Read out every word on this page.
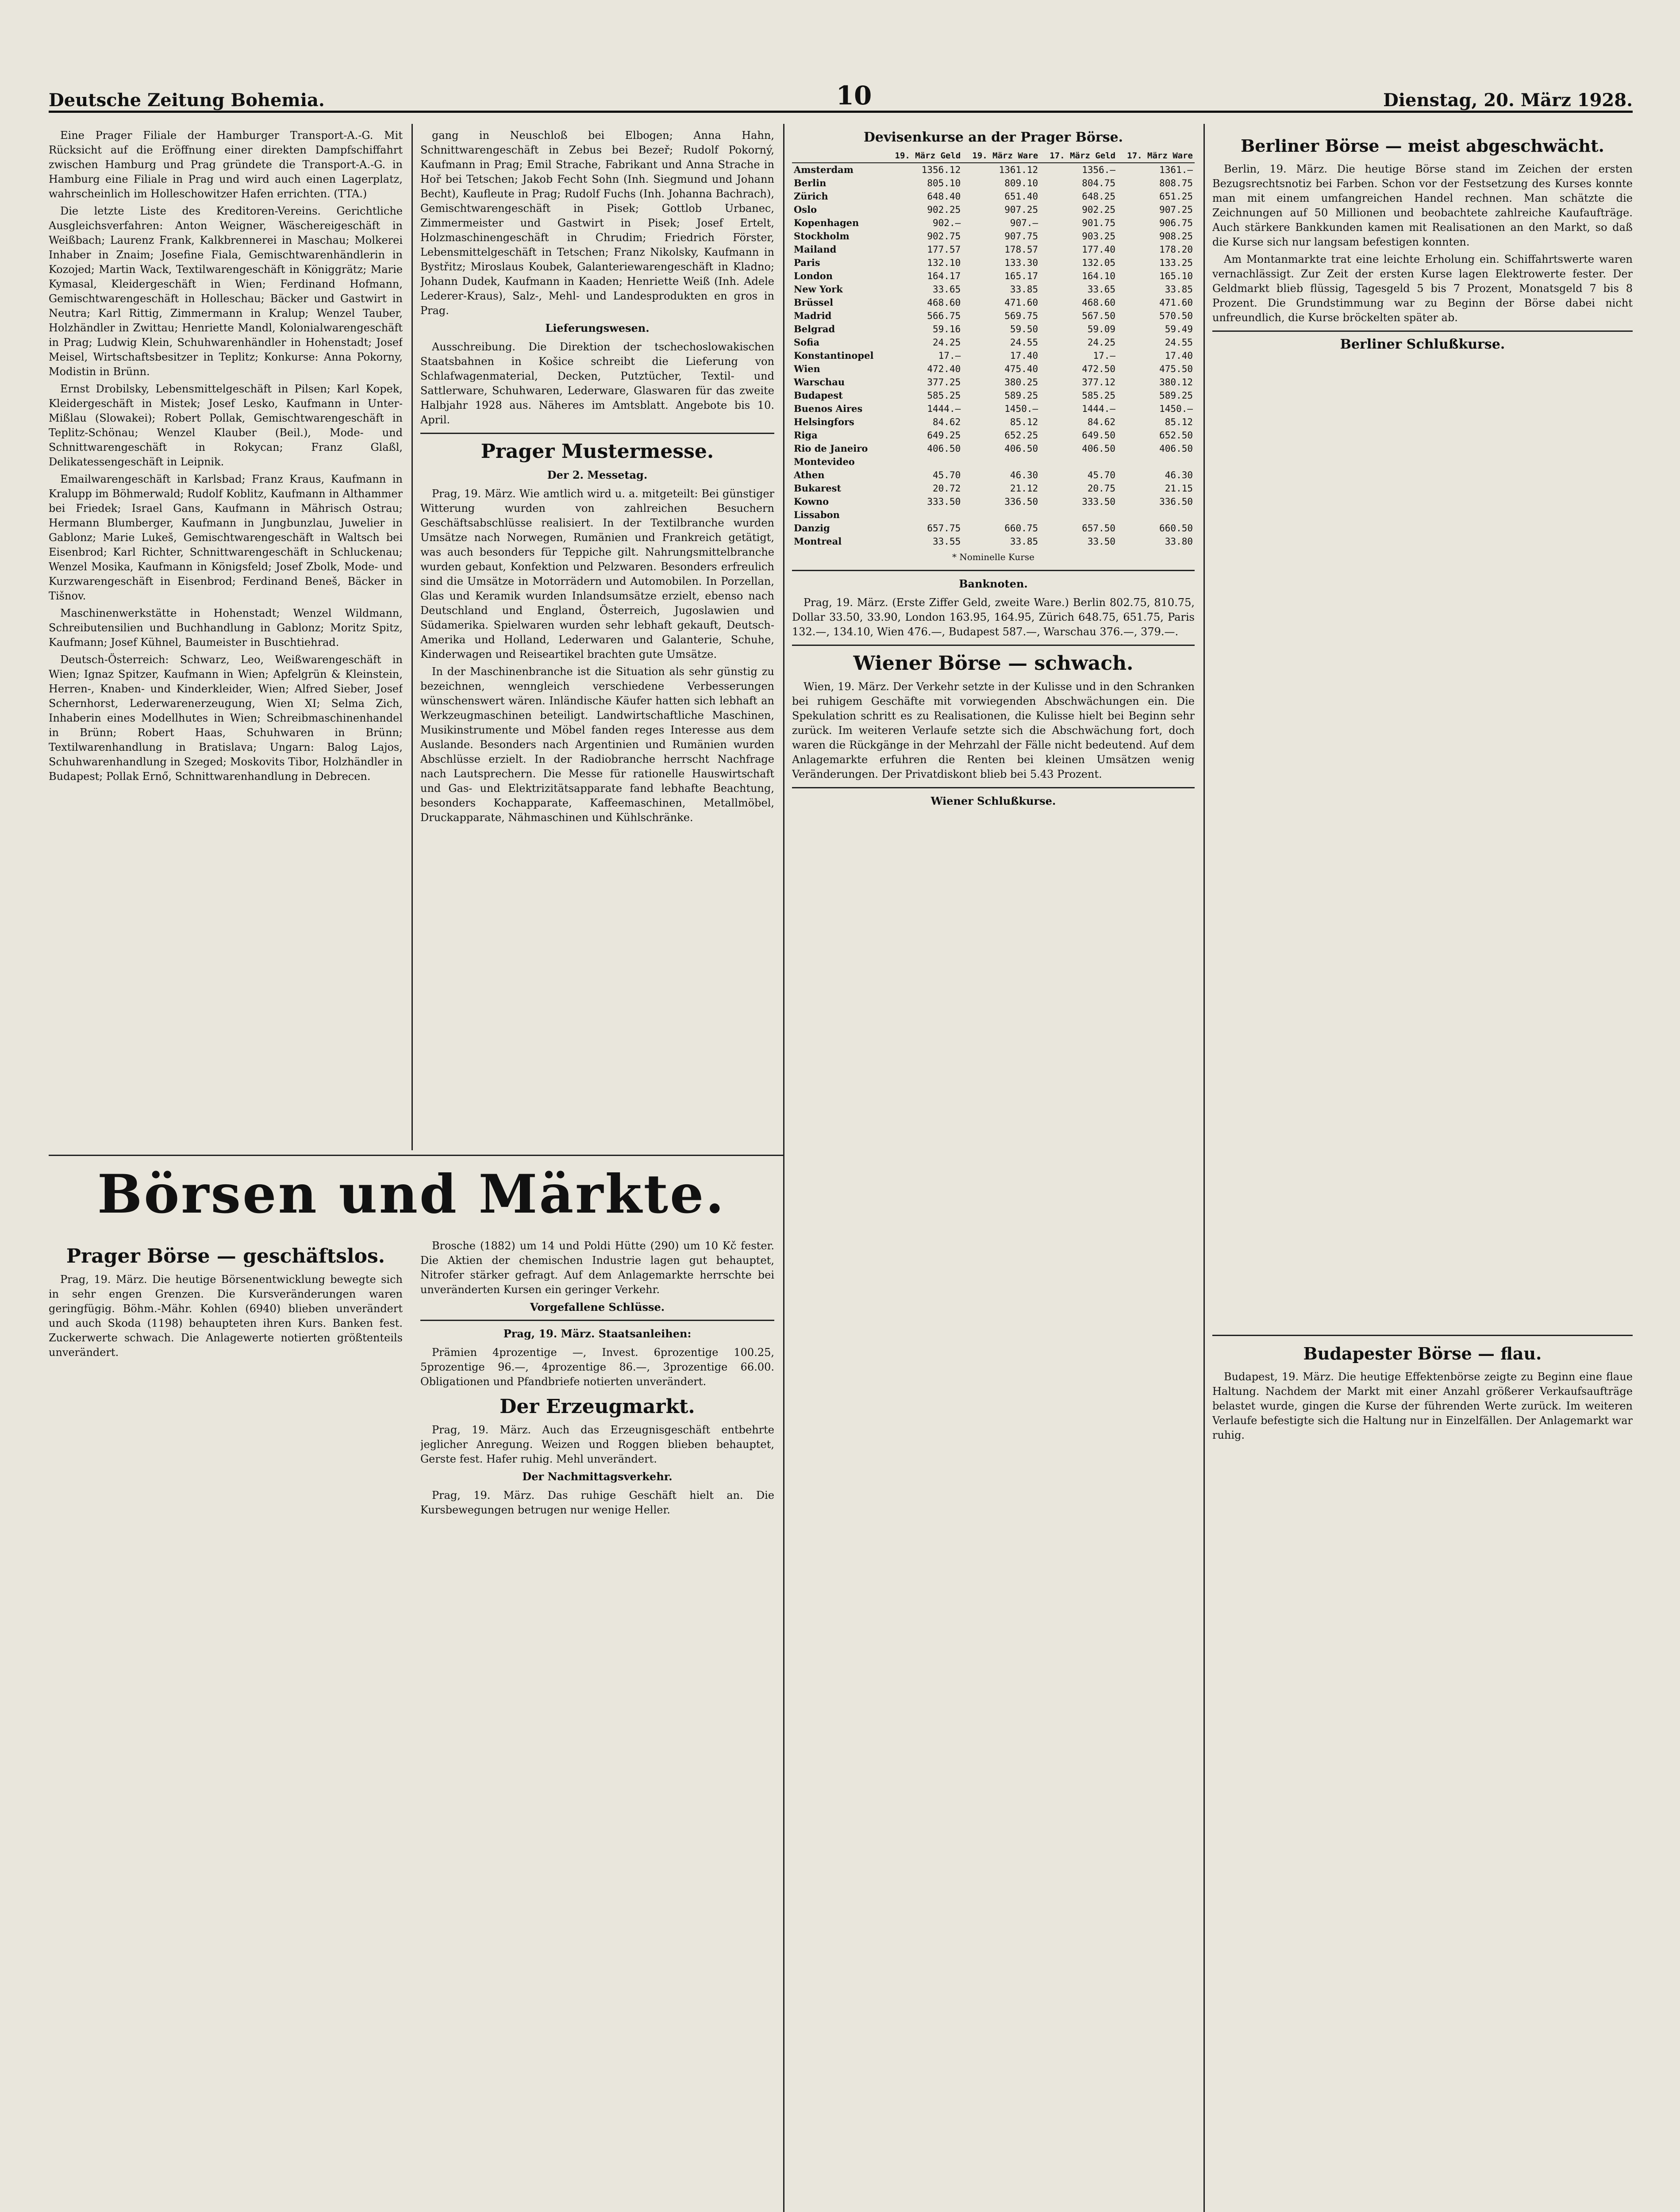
Deutsche Zeitung Bohemia.	10	Dienstag, 20. März 1928.

Eine Prager Filiale der Hamburger Transport-A.-G. Mit Rücksicht auf die Eröffnung einer direkten Dampfschiffahrt zwischen Hamburg und Prag gründete die Transport-A.-G. in Hamburg eine Filiale in Prag und wird auch einen Lagerplatz, wahrscheinlich im Holleschowitzer Hafen errichten. (TTA.)

Die letzte Liste des Kreditoren-Vereins. Gerichtliche Ausgleichsverfahren: Anton Weigner, Wäschereigeschäft in Weißbach; Laurenz Frank, Kalkbrennerei in Maschau; Molkerei Inhaber in Znaim; Josefine Fiala, Gemischtwarenhändlerin in Kozojed; Martin Wack, Textilwarengeschäft in Königgrätz; Marie Kymasal, Kleidergeschäft in Wien; Ferdinand Hofmann, Gemischtwarengeschäft in Holleschau; Bäcker und Gastwirt in Neutra; Karl Rittig, Zimmermann in Kralup; Wenzel Tauber, Holzhändler in Zwittau; Henriette Mandl, Kolonialwarengeschäft in Prag; Ludwig Klein, Schuhwarenhändler in Hohenstadt; Josef Meisel, Wirtschaftsbesitzer in Teplitz; Konkurse: Anna Pokorny, Modistin in Brünn.

Ernst Drobilsky, Lebensmittelgeschäft in Pilsen; Karl Kopek, Kleidergeschäft in Mistek; Josef Lesko, Kaufmann in Unter-Mißlau (Slowakei); Robert Pollak, Gemischtwarengeschäft in Teplitz-Schönau; Wenzel Klauber (Beil.), Mode- und Schnittwarengeschäft in Rokycan; Franz Glaßl, Delikatessengeschäft in Leipnik.

Emailwarengeschäft in Karlsbad; Franz Kraus, Kaufmann in Kralupp im Böhmerwald; Rudolf Koblitz, Kaufmann in Althammer bei Friedek; Israel Gans, Kaufmann in Mährisch Ostrau; Hermann Blumberger, Kaufmann in Jungbunzlau, Juwelier in Gablonz; Marie Lukeš, Gemischtwarengeschäft in Waltsch bei Eisenbrod; Karl Richter, Schnittwarengeschäft in Schluckenau; Wenzel Mosika, Kaufmann in Königsfeld; Josef Zbolk, Mode- und Kurzwarengeschäft in Eisenbrod; Ferdinand Beneš, Bäcker in Tišnov.

Maschinenwerkstätte in Hohenstadt; Wenzel Wildmann, Schreibutensilien und Buchhandlung in Gablonz; Moritz Spitz, Kaufmann; Josef Kühnel, Baumeister in Buschtiehrad.

Deutsch-Österreich: Schwarz, Leo, Weißwarengeschäft in Wien; Ignaz Spitzer, Kaufmann in Wien; Apfelgrün & Kleinstein, Herren-, Knaben- und Kinderkleider, Wien; Alfred Sieber, Josef Schernhorst, Lederwarenerzeugung, Wien XI; Selma Zich, Inhaberin eines Modellhutes in Wien; Schreibmaschinenhandel in Brünn; Robert Haas, Schuhwaren in Brünn; Textilwarenhandlung in Bratislava; Ungarn: Balog Lajos, Schuhwarenhandlung in Szeged; Moskovits Tibor, Holzhändler in Budapest; Pollak Ernő, Schnittwarenhandlung in Debrecen.

gang in Neuschloß bei Elbogen; Anna Hahn, Schnittwarengeschäft in Zebus bei Bezeř; Rudolf Pokorný, Kaufmann in Prag; Emil Strache, Fabrikant und Anna Strache in Hoř bei Tetschen; Jakob Fecht Sohn (Inh. Siegmund und Johann Becht), Kaufleute in Prag; Rudolf Fuchs (Inh. Johanna Bachrach), Gemischtwarengeschäft in Pisek; Gottlob Urbanec, Zimmermeister und Gastwirt in Pisek; Josef Ertelt, Holzmaschinengeschäft in Chrudim; Friedrich Förster, Lebensmittelgeschäft in Tetschen; Franz Nikolsky, Kaufmann in Bystřitz; Miroslaus Koubek, Galanteriewarengeschäft in Kladno; Johann Dudek, Kaufmann in Kaaden; Henriette Weiß (Inh. Adele Lederer-Kraus), Salz-, Mehl- und Landesprodukten en gros in Prag.

Lieferungswesen.

Ausschreibung. Die Direktion der tschechoslowakischen Staatsbahnen in Košice schreibt die Lieferung von Schlafwagenmaterial, Decken, Putztücher, Textil- und Sattlerware, Schuhwaren, Lederware, Glaswaren für das zweite Halbjahr 1928 aus. Näheres im Amtsblatt. Angebote bis 10. April.

Prager Mustermesse.
Der 2. Messetag.

Prag, 19. März. Wie amtlich wird u. a. mitgeteilt: Bei günstiger Witterung wurden von zahlreichen Besuchern Geschäftsabschlüsse realisiert. In der Textilbranche wurden Umsätze nach Norwegen, Rumänien und Frankreich getätigt, was auch besonders für Teppiche gilt. Nahrungsmittelbranche wurden gebaut, Konfektion und Pelzwaren. Besonders erfreulich sind die Umsätze in Motorrädern und Automobilen. In Porzellan, Glas und Keramik wurden Inlandsumsätze erzielt, ebenso nach Deutschland und England, Österreich, Jugoslawien und Südamerika. Spielwaren wurden sehr lebhaft gekauft, Deutsch-Amerika und Holland, Lederwaren und Galanterie, Schuhe, Kinderwagen und Reiseartikel brachten gute Umsätze.

In der Maschinenbranche ist die Situation als sehr günstig zu bezeichnen, wenngleich verschiedene Verbesserungen wünschenswert wären. Inländische Käufer hatten sich lebhaft an Werkzeugmaschinen beteiligt. Landwirtschaftliche Maschinen, Musikinstrumente und Möbel fanden reges Interesse aus dem Auslande. Besonders nach Argentinien und Rumänien wurden Abschlüsse erzielt. In der Radiobranche herrscht Nachfrage nach Lautsprechern. Die Messe für rationelle Hauswirtschaft und Gas- und Elektrizitätsapparate fand lebhafte Beachtung, besonders Kochapparate, Kaffeemaschinen, Metallmöbel, Druckapparate, Nähmaschinen und Kühlschränke.

Börsen und Märkte.
Prager Börse — geschäftslos.

Prag, 19. März. Die heutige Börsenentwicklung bewegte sich in sehr engen Grenzen. Die Kursveränderungen waren geringfügig. Böhm.-Mähr. Kohlen (6940) blieben unverändert und auch Skoda (1198) behaupteten ihren Kurs. Banken fest. Zuckerwerte schwach. Die Anlagewerte notierten größtenteils unverändert.

Brosche (1882) um 14 und Poldi Hütte (290) um 10 Kč fester. Die Aktien der chemischen Industrie lagen gut behauptet, Nitrofer stärker gefragt. Auf dem Anlagemarkte herrschte bei unveränderten Kursen ein geringer Verkehr.

Vorgefallene Schlüsse.
Prag, 19. März. Staatsanleihen:

Prämien 4prozentige —, Invest. 6prozentige 100.25, 5prozentige 96.—, 4prozentige 86.—, 3prozentige 66.00. Obligationen und Pfandbriefe notierten unverändert.

Der Erzeugmarkt.

Prag, 19. März. Auch das Erzeugnisgeschäft entbehrte jeglicher Anregung. Weizen und Roggen blieben behauptet, Gerste fest. Hafer ruhig. Mehl unverändert.

Der Nachmittagsverkehr.

Prag, 19. März. Das ruhige Geschäft hielt an. Die Kursbewegungen betrugen nur wenige Heller.

Devisenkurse an der Prager Börse.
	19. März Geld	19. März Ware	17. März Geld	17. März Ware
Amsterdam	1356.12	1361.12	1356.—	1361.—
Berlin	805.10	809.10	804.75	808.75
Zürich	648.40	651.40	648.25	651.25
Oslo	902.25	907.25	902.25	907.25
Kopenhagen	902.—	907.—	901.75	906.75
Stockholm	902.75	907.75	903.25	908.25
Mailand	177.57	178.57	177.40	178.20
Paris	132.10	133.30	132.05	133.25
London	164.17	165.17	164.10	165.10
New York	33.65	33.85	33.65	33.85
Brüssel	468.60	471.60	468.60	471.60
Madrid	566.75	569.75	567.50	570.50
Belgrad	59.16	59.50	59.09	59.49
Sofia	24.25	24.55	24.25	24.55
Konstantinopel	17.—	17.40	17.—	17.40
Wien	472.40	475.40	472.50	475.50
Warschau	377.25	380.25	377.12	380.12
Budapest	585.25	589.25	585.25	589.25
Buenos Aires	1444.—	1450.—	1444.—	1450.—
Helsingfors	84.62	85.12	84.62	85.12
Riga	649.25	652.25	649.50	652.50
Rio de Janeiro	406.50	406.50	406.50	406.50
Montevideo				
Athen	45.70	46.30	45.70	46.30
Bukarest	20.72	21.12	20.75	21.15
Kowno	333.50	336.50	333.50	336.50
Lissabon				
Danzig	657.75	660.75	657.50	660.50
Montreal	33.55	33.85	33.50	33.80
* Nominelle Kurse
Banknoten.

Prag, 19. März. (Erste Ziffer Geld, zweite Ware.) Berlin 802.75, 810.75, Dollar 33.50, 33.90, London 163.95, 164.95, Zürich 648.75, 651.75, Paris 132.—, 134.10, Wien 476.—, Budapest 587.—, Warschau 376.—, 379.—.

Wiener Börse — schwach.

Wien, 19. März. Der Verkehr setzte in der Kulisse und in den Schranken bei ruhigem Geschäfte mit vorwiegenden Abschwächungen ein. Die Spekulation schritt es zu Realisationen, die Kulisse hielt bei Beginn sehr zurück. Im weiteren Verlaufe setzte sich die Abschwächung fort, doch waren die Rückgänge in der Mehrzahl der Fälle nicht bedeutend. Auf dem Anlagemarkte erfuhren die Renten bei kleinen Umsätzen wenig Veränderungen. Der Privatdiskont blieb bei 5.43 Prozent.

Wiener Schlußkurse.
Berliner Börse — meist abgeschwächt.

Berlin, 19. März. Die heutige Börse stand im Zeichen der ersten Bezugsrechtsnotiz bei Farben. Schon vor der Festsetzung des Kurses konnte man mit einem umfangreichen Handel rechnen. Man schätzte die Zeichnungen auf 50 Millionen und beobachtete zahlreiche Kaufaufträge. Auch stärkere Bankkunden kamen mit Realisationen an den Markt, so daß die Kurse sich nur langsam befestigen konnten.

Am Montanmarkte trat eine leichte Erholung ein. Schiffahrtswerte waren vernachlässigt. Zur Zeit der ersten Kurse lagen Elektrowerte fester. Der Geldmarkt blieb flüssig, Tagesgeld 5 bis 7 Prozent, Monatsgeld 7 bis 8 Prozent. Die Grundstimmung war zu Beginn der Börse dabei nicht unfreundlich, die Kurse bröckelten später ab.

Berliner Schlußkurse.
Budapester Börse — flau.

Budapest, 19. März. Die heutige Effektenbörse zeigte zu Beginn eine flaue Haltung. Nachdem der Markt mit einer Anzahl größerer Verkaufsaufträge belastet wurde, gingen die Kurse der führenden Werte zurück. Im weiteren Verlaufe befestigte sich die Haltung nur in Einzelfällen. Der Anlagemarkt war ruhig.
